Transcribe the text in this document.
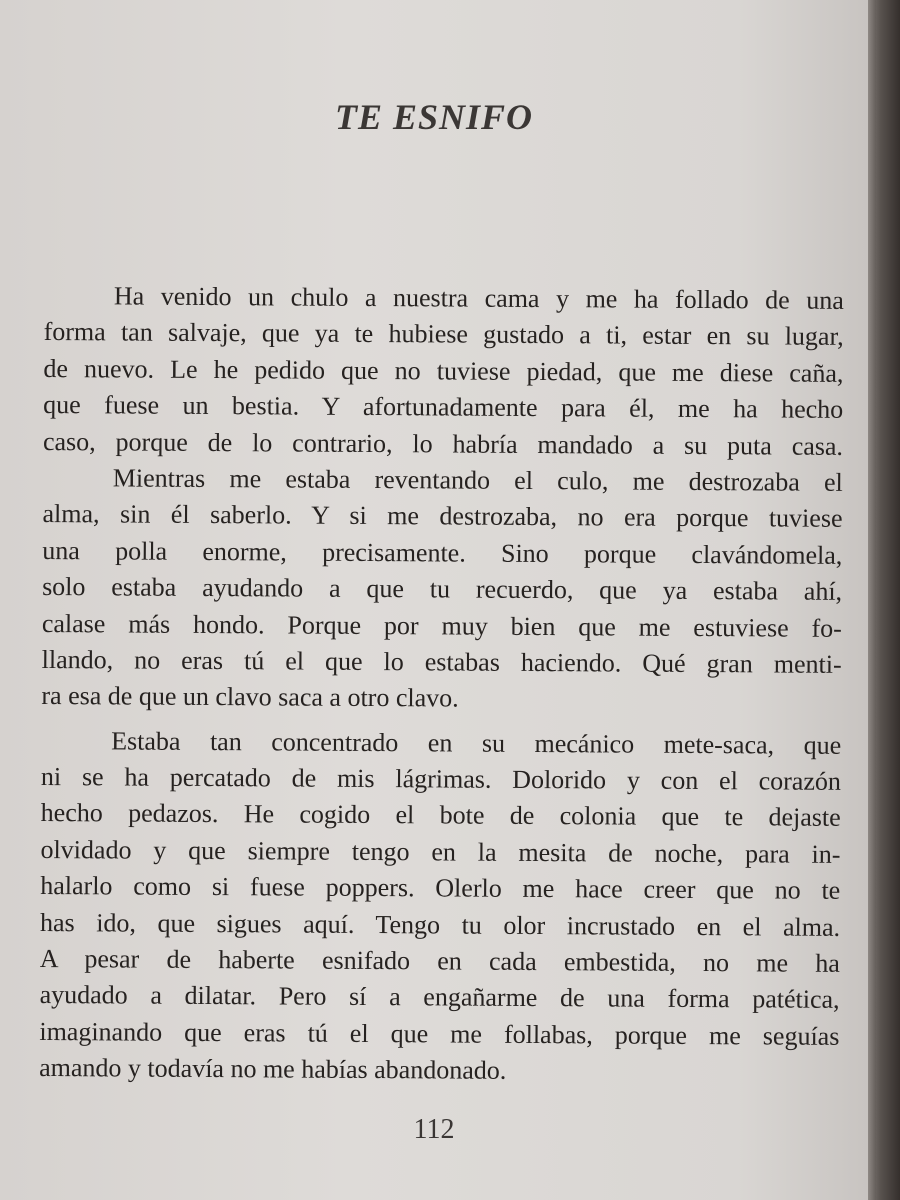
TE ESNIFO
Ha venido un chulo a nuestra cama y me ha follado de una
forma tan salvaje, que ya te hubiese gustado a ti, estar en su lugar,
de nuevo. Le he pedido que no tuviese piedad, que me diese caña,
que fuese un bestia. Y afortunadamente para él, me ha hecho
caso, porque de lo contrario, lo habría mandado a su puta casa.
Mientras me estaba reventando el culo, me destrozaba el
alma, sin él saberlo. Y si me destrozaba, no era porque tuviese
una polla enorme, precisamente. Sino porque clavándomela,
solo estaba ayudando a que tu recuerdo, que ya estaba ahí,
calase más hondo. Porque por muy bien que me estuviese fo-
llando, no eras tú el que lo estabas haciendo. Qué gran menti-
ra esa de que un clavo saca a otro clavo.
Estaba tan concentrado en su mecánico mete-saca, que
ni se ha percatado de mis lágrimas. Dolorido y con el corazón
hecho pedazos. He cogido el bote de colonia que te dejaste
olvidado y que siempre tengo en la mesita de noche, para in-
halarlo como si fuese poppers. Olerlo me hace creer que no te
has ido, que sigues aquí. Tengo tu olor incrustado en el alma.
A pesar de haberte esnifado en cada embestida, no me ha
ayudado a dilatar. Pero sí a engañarme de una forma patética,
imaginando que eras tú el que me follabas, porque me seguías
amando y todavía no me habías abandonado.
112
